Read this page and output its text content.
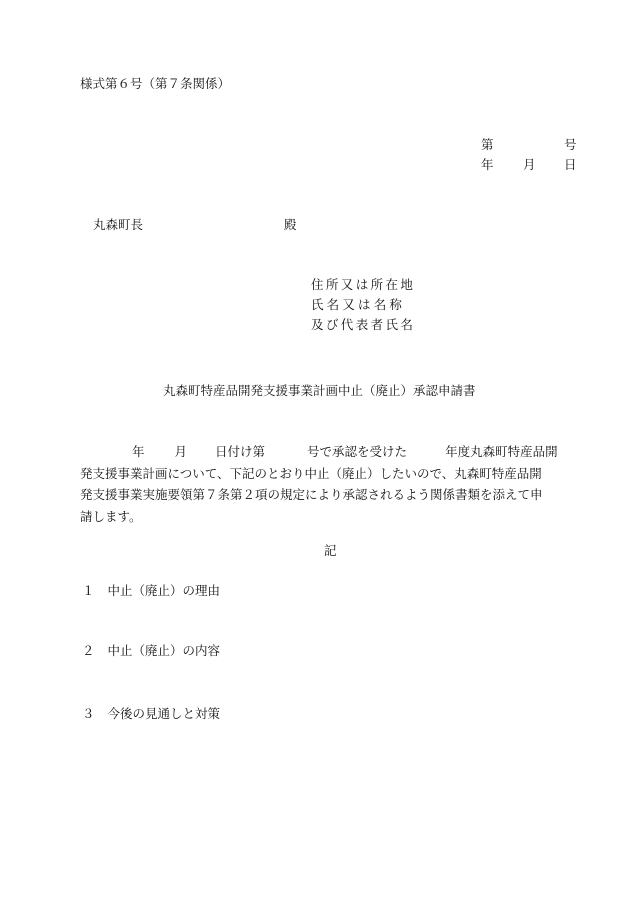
様式第６号（第７条関係）
第	号
年 月 日
丸森町長	殿
住所又は所在地
氏 名 又 は 名 称
及び代表者氏名
丸森町特産品開発支援事業計画中止（廃止）承認申請書
年 月 日付け第	号で承認を受けた	年度丸森町特産品開
発支援事業計画について、下記のとおり中止（廃止）したいので、丸森町特産品開
発支援事業実施要領第７条第２項の規定により承認されるよう関係書類を添えて申
請します。
記
１ 中止（廃止）の理由
２ 中止（廃止）の内容
３ 今後の見通しと対策
